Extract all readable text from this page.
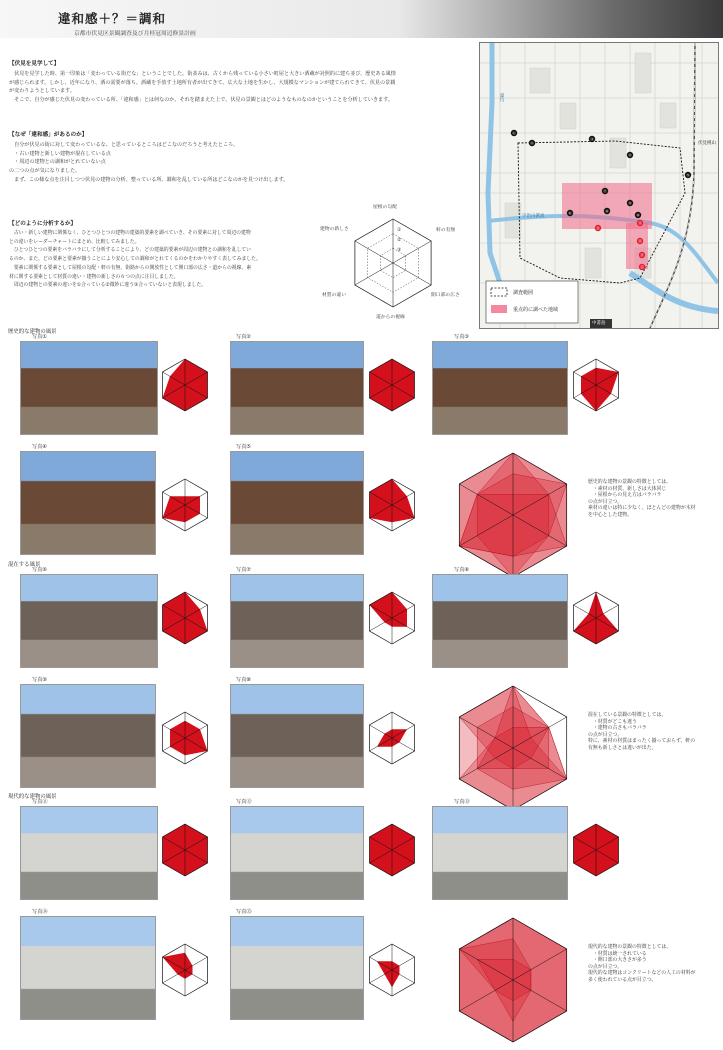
違和感＋？＝調和
京都市伏見区景観調査及び月桂冠周辺修景計画
【伏見を見学して】
　伏見を見学した時、第一印象は「変わっている街だな」ということでした。街並みは、古くから残っている小さい町屋と大きい酒蔵が対照的に建ち並び、歴史ある風情
が感じられます。しかし、近年になり、酒の需要が落ち、酒蔵を手放す土地所有者が出てきて、広大な土地を生かし、大規模なマンションが建てられてきて、伏見の景観
が変わりようとしています。
　そこで、自分が感じた伏見の変わっている所、「違和感」とは何なのか、それを踏まえた上で、伏見の景観とはどのようなものなのかということを分析していきます。
【なぜ「違和感」があるのか】
　自分が伏見の街に対して変わっているな、と思っているところはどこなのだろうと考えたところ、
　・古い建物と新しい建物が混在している点
　・周辺の建物との調和がとれていない点
の二つの点が気になりました。
　まず、この様な点を注目しつつ伏見の建物の分析、整っている所、調和を乱している所はどこなのかを見つけ出します。
【どのように分析するか】
　古い・新しい建物に関係なく、ひとつひとつの建物の建築的要素を調べていき、その要素に対して周辺の建物
との違いをレーダーチャートにまとめ、比較してみました。
　ひとつひとつの要素をバラバラにして分析することにより、どの建築的要素が周辺の建物との調和を乱してい
るのか、また、どの要素と要素が揃うことにより安心しての調和がとれてくるのかをわかりやすく表してみました。
　要素に関係する要素として屋根の勾配・軒の有無、街路からの開放性として開口部の広さ・道からの視線、素
材に関する要素として材質の違い・建物の新しさの６つの点に注目しました。
　周辺の建物との要素の違いを①合っている②微妙に違う③合っていないと表現しました。
屋根の勾配
軒の有無
開口部の広さ
道からの視線
材質の違い
建物の新しさ	①
②
③
①
②
③
④
⑤
⑥
⑦
⑧
⑨
⑩
⑪
⑫
⑬
⑭
⑮
調査範囲
重点的に調べた地域
伏見桃山
宇治川派流
中書島
濠川
歴史的な建物の風景
写真①	写真②	写真③
写真④	写真⑤
歴史的な建物の景観の特徴としては、
　・素材の材質、新しさは大体同じ
　・屋根からの見え方はバラバラ
の点が目立つ。
素材の違いは特に少なく、ほとんどの建物が木材
を中心とした建物。
混在する風景
写真⑥	写真⑦	写真⑧
写真⑨	写真⑩
混在している景観の特徴としては、
　・材質がどこも違う
　・建物の古さもバラバラ
の点が目立つ。
特に、素材の材質はまったく揃っておらず、軒の
有無も新しさとは違いが出た。
現代的な建物の風景
写真⑪	写真⑫	写真⑬
写真⑭	写真⑮
現代的な建物の景観の特徴としては、
　・材質は統一されている
　・開口部の大きさが多う
の点が目立つ。
現代的な建物はコンクリートなどの人工の材料が
多く使われている点が目立つ。
